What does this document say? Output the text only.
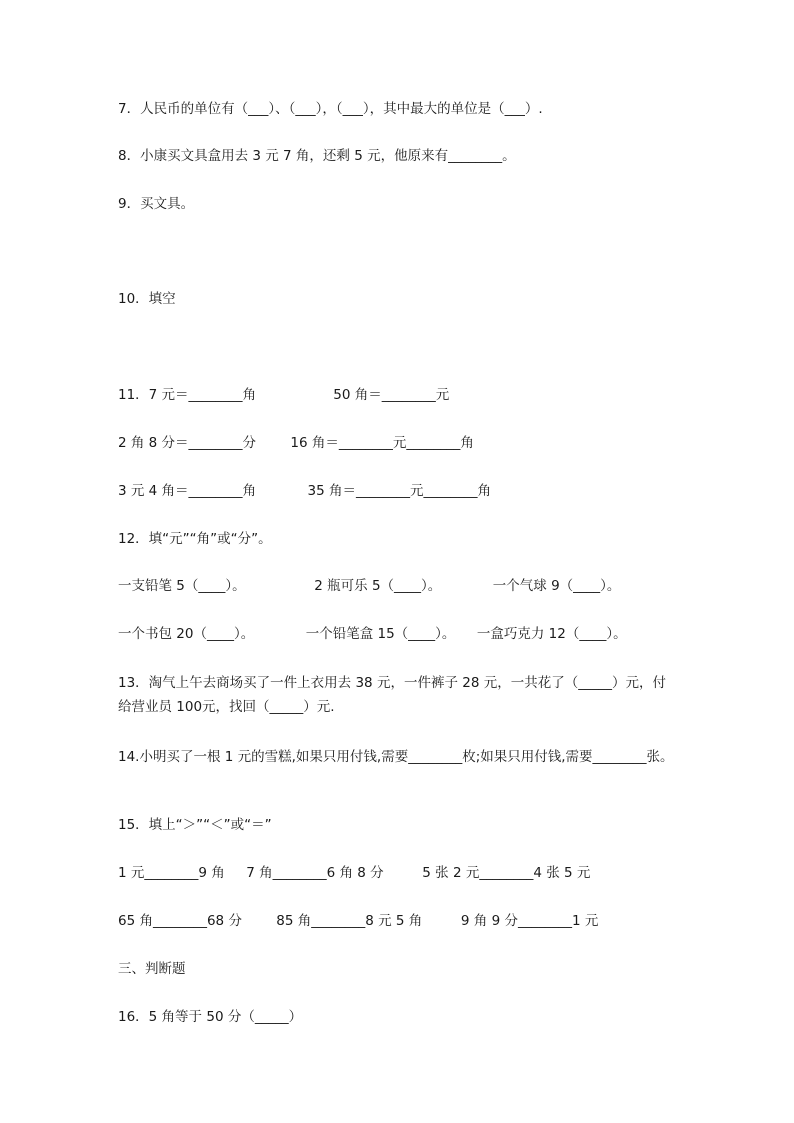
7．人民币的单位有（___）、（___），（___），其中最大的单位是（___）.
8．小康买文具盒用去 3 元 7 角，还剩 5 元，他原来有________。
9．买文具。
10．填空
11．7 元＝________角                  50 角＝________元
2 角 8 分＝________分        16 角＝________元________角
3 元 4 角＝________角            35 角＝________元________角
12．填“元”“角”或“分”。
一支铅笔 5（____）。                2 瓶可乐 5（____）。            一个气球 9（____）。
一个书包 20（____）。            一个铅笔盒 15（____）。     一盒巧克力 12（____）。
13．淘气上午去商场买了一件上衣用去 38 元，一件裤子 28 元，一共花了（_____）元，付给营业员 100元，找回（_____）元.
14.小明买了一根 1 元的雪糕,如果只用付钱,需要________枚;如果只用付钱,需要________张。
15．填上“＞”“＜”或“＝”
1 元________9 角     7 角________6 角 8 分         5 张 2 元________4 张 5 元
65 角________68 分        85 角________8 元 5 角         9 角 9 分________1 元
三、判断题
16．5 角等于 50 分（_____）
